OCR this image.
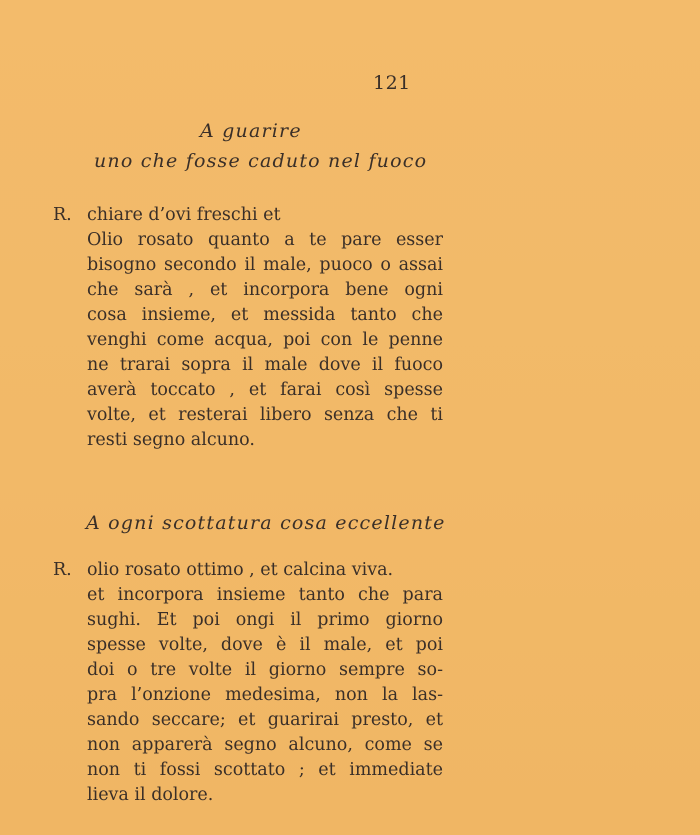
121
A guarire
uno che fosse caduto nel fuoco
R. chiare d’ovi freschi et
Olio rosato quanto a te pare esser
bisogno secondo il male, puoco o assai
che sarà , et incorpora bene ogni
cosa insieme, et messida tanto che
venghi come acqua, poi con le penne
ne trarai sopra il male dove il fuoco
averà toccato , et farai così spesse
volte, et resterai libero senza che ti
resti segno alcuno.
A ogni scottatura cosa eccellente
R. olio rosato ottimo , et calcina viva.
et incorpora insieme tanto che para
sughi. Et poi ongi il primo giorno
spesse volte, dove è il male, et poi
doi o tre volte il giorno sempre so-
pra l’onzione medesima, non la las-
sando seccare; et guarirai presto, et
non apparerà segno alcuno, come se
non ti fossi scottato ; et immediate
lieva il dolore.
